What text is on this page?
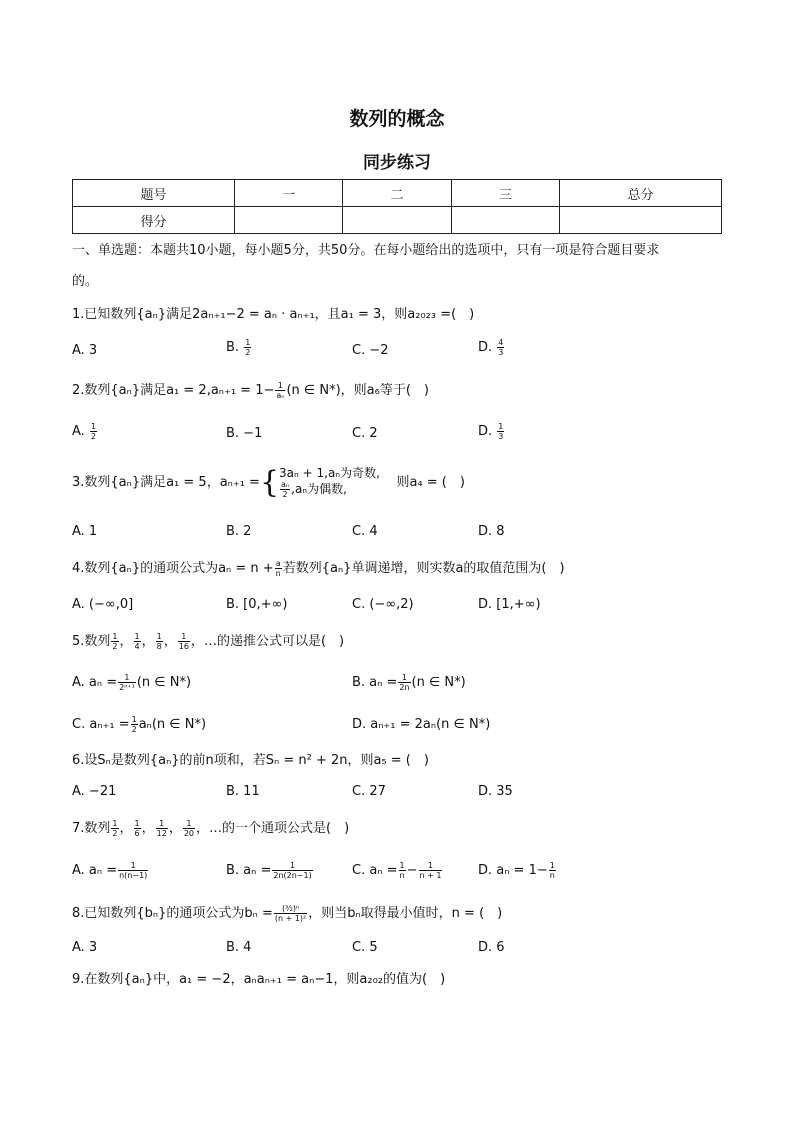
数列的概念
同步练习
题号	一	二	三	总分
得分				
一、单选题：本题共10小题，每小题5分，共50分。在每小题给出的选项中，只有一项是符合题目要求
的。
1.已知数列{aₙ}满足2aₙ₊₁−2 = aₙ · aₙ₊₁，且a₁ = 3，则a₂₀₂₃ =(　)
A. 3	B. $\frac{1}{2}$	C. −2	D. $\frac{4}{3}$
2.数列{aₙ}满足$a_1 = 2,a_{n+1} = 1- \frac{1}{\text{aₙ}} (n$ ∈ N*)，则a₆等于(　)
A. $\frac{1}{2}$	B. −1	C. 2	D. $\frac{1}{3}$
3.数列{aₙ}满足a₁ = 5，aₙ₊₁ ={ 3aₙ + 1,aₙ为奇数,
$\frac{\text{aₙ}}{2} ,a_n$为偶数,	则a₄ = (　)
A. 1	B. 2	C. 4	D. 8
4.数列{aₙ}的通项公式为$a_n = n + \frac{a}{n}$ 若数列{aₙ}单调递增，则实数a的取值范围为(　)
A. (−∞,0]	B. [0,+∞)	C. (−∞,2)	D. [1,+∞)
5.数列 $\frac{1}{2}$ ， $\frac{1}{4}$ ， $\frac{1}{8}$ ， $\frac{1}{16}$ ，…的递推公式可以是(　)
A. $a_n = \frac{1}{\text{2ⁿ⁺¹}} (n$ ∈ N*)	B. $a_n = \frac{1}{2n} (n$ ∈ N*)
C. $a_{n+1} = \frac{1}{2} a_n(n$ ∈ N*)	D. aₙ₊₁ = 2aₙ(n ∈ N*)
6.设Sₙ是数列{aₙ}的前n项和，若Sₙ = n² + 2n，则a₅ = (　)
A. −21	B. 11	C. 27	D. 35
7.数列 $\frac{1}{2}$ ， $\frac{1}{6}$ ， $\frac{1}{12}$ ， $\frac{1}{20}$ ，…的一个通项公式是(　)
A. $a_n = \frac{1}{n(n-1)}$	B. $a_n = \frac{1}{2n(2n-1)}$	C. $a_n = \frac{1}{n} - \frac{1}{n + 1}$	D. $a_n = 1- \frac{1}{n}$
8.已知数列{bₙ}的通项公式为$b_n = \frac{\text{(³⁄₂)ⁿ}}{\text{(n + 1)²}}$ ，则当bₙ取得最小值时，n = (　)
A. 3	B. 4	C. 5	D. 6
9.在数列{aₙ}中，a₁ = −2，aₙaₙ₊₁ = aₙ−1，则a₂₀₂的值为(　)
